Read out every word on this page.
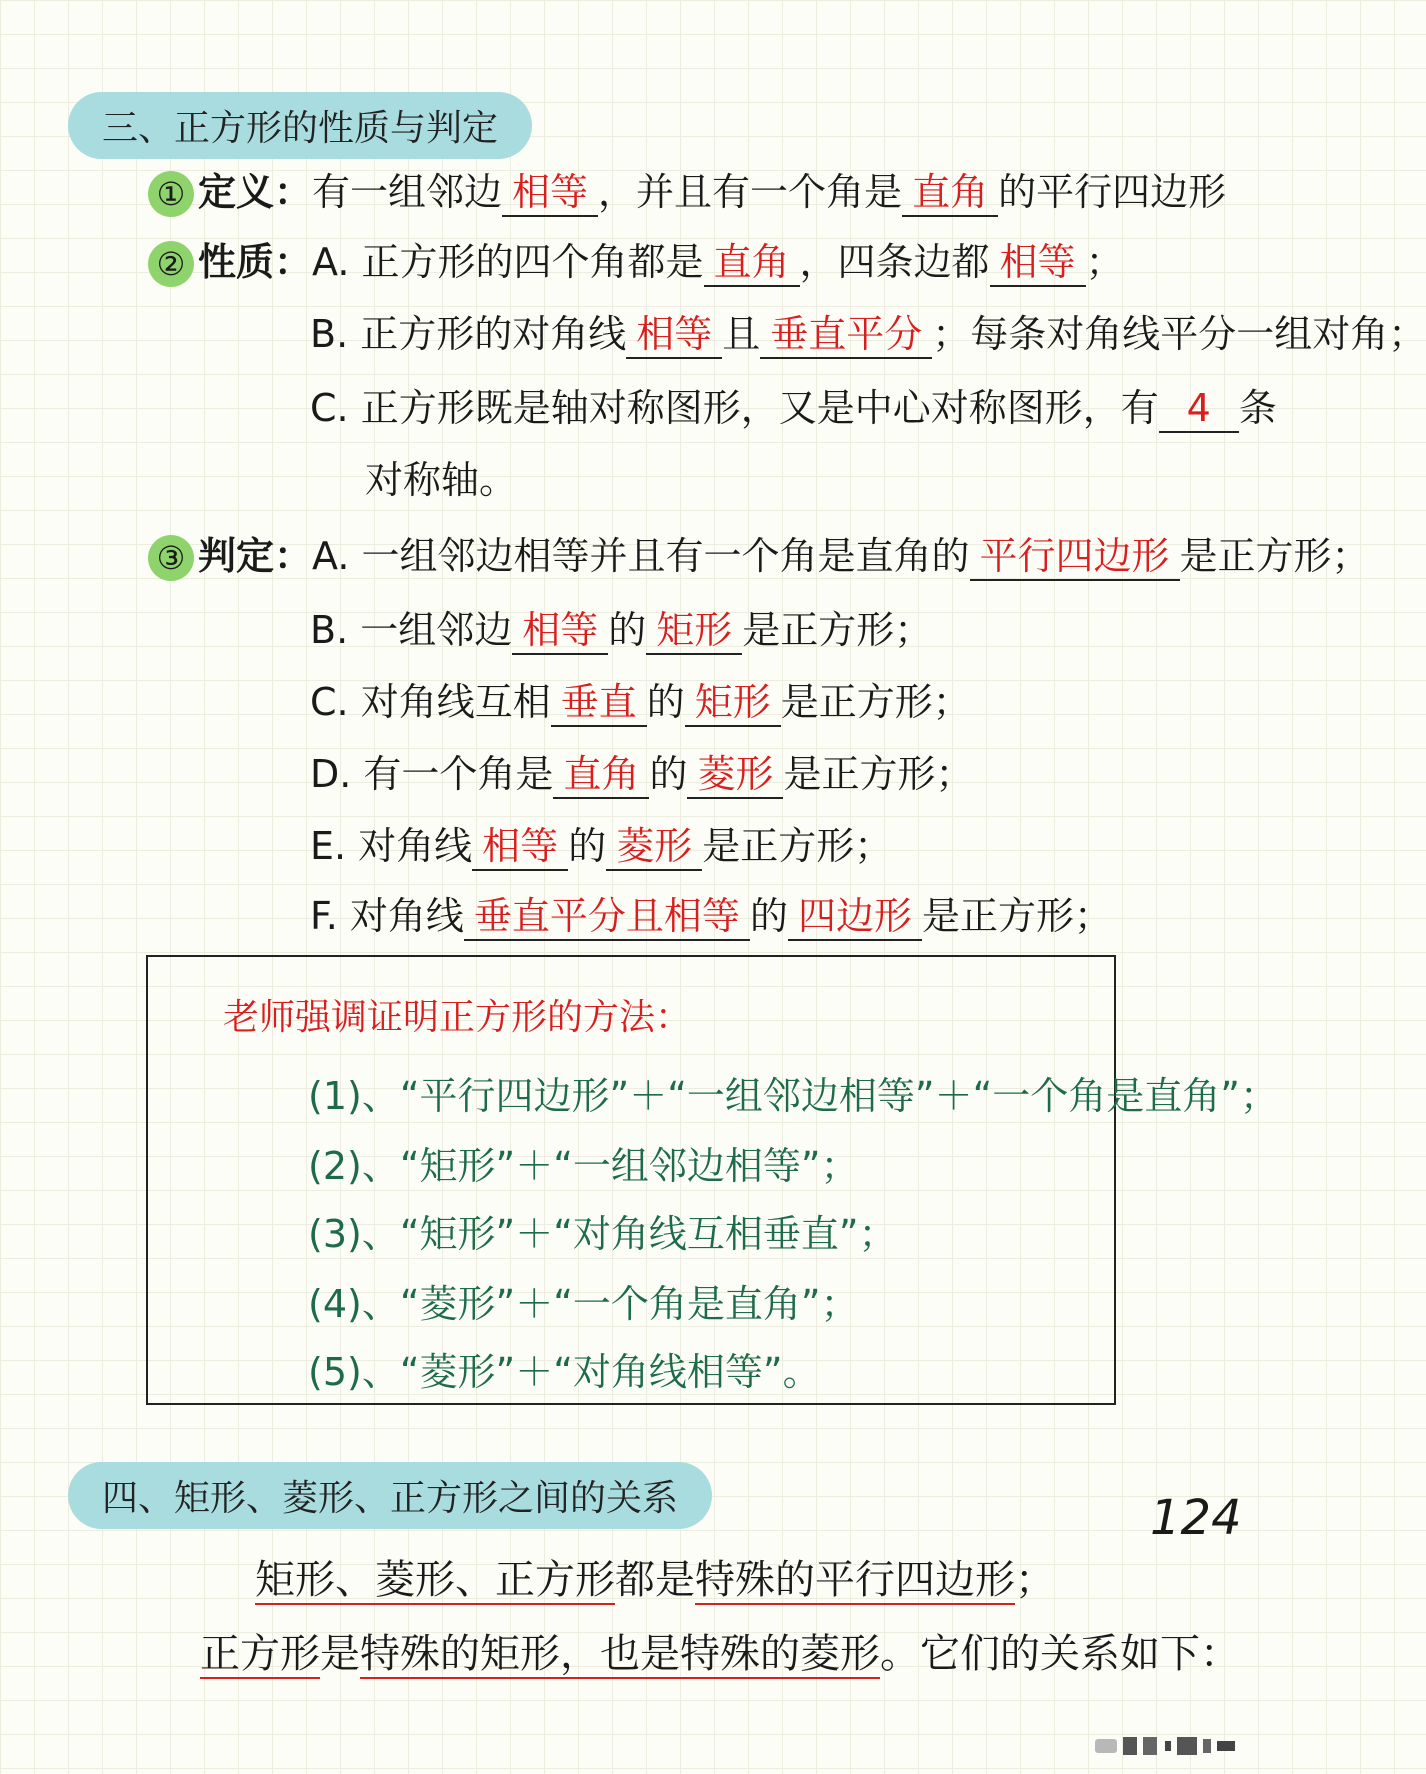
三、正方形的性质与判定
① 定义：有一组邻边 相等 ，并且有一个角是 直角 的平行四边形
② 性质：A. 正方形的四个角都是 直角 ，四条边都 相等 ；
B. 正方形的对角线 相等 且 垂直平分 ；每条对角线平分一组对角；
C. 正方形既是轴对称图形，又是中心对称图形，有 4 条
对称轴。
③ 判定：A. 一组邻边相等并且有一个角是直角的 平行四边形 是正方形；
B. 一组邻边 相等 的 矩形 是正方形；
C. 对角线互相 垂直 的 矩形 是正方形；
D. 有一个角是 直角 的 菱形 是正方形；
E. 对角线 相等 的 菱形 是正方形；
F. 对角线 垂直平分且相等 的 四边形 是正方形；
老师强调证明正方形的方法：
(1)、“平行四边形”＋“一组邻边相等”＋“一个角是直角”；
(2)、“矩形”＋“一组邻边相等”；
(3)、“矩形”＋“对角线互相垂直”；
(4)、“菱形”＋“一个角是直角”；
(5)、“菱形”＋“对角线相等”。
四、矩形、菱形、正方形之间的关系	124
矩形、菱形、正方形都是特殊的平行四边形；
正方形是特殊的矩形，也是特殊的菱形。它们的关系如下：
